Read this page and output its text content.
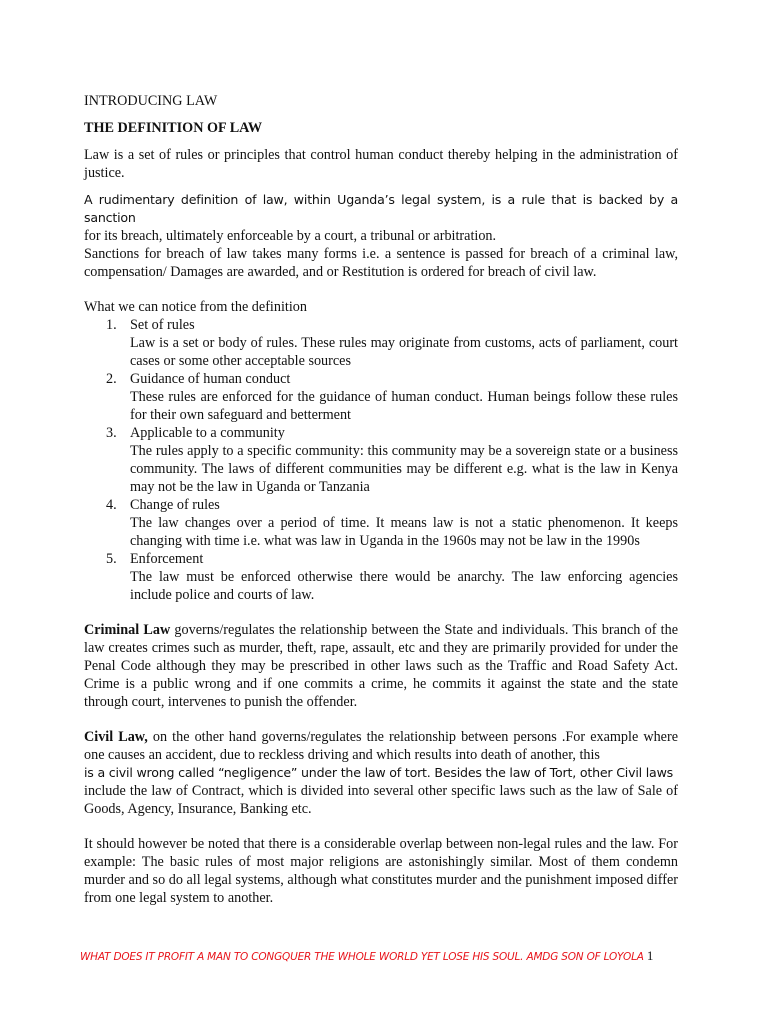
INTRODUCING LAW

THE DEFINITION OF LAW

Law is a set of rules or principles that control human conduct thereby helping in the administration of justice.

A rudimentary definition of law, within Uganda’s legal system, is a rule that is backed by a sanction

for its breach, ultimately enforceable by a court, a tribunal or arbitration.

Sanctions for breach of law takes many forms i.e. a sentence is passed for breach of a criminal law, compensation/ Damages are awarded, and or Restitution is ordered for breach of civil law.

What we can notice from the definition

1. Set of rules
Law is a set or body of rules. These rules may originate from customs, acts of parliament, court cases or some other acceptable sources
2. Guidance of human conduct
These rules are enforced for the guidance of human conduct. Human beings follow these rules for their own safeguard and betterment
3. Applicable to a community
The rules apply to a specific community: this community may be a sovereign state or a business community. The laws of different communities may be different e.g. what is the law in Kenya may not be the law in Uganda or Tanzania
4. Change of rules
The law changes over a period of time. It means law is not a static phenomenon. It keeps changing with time i.e. what was law in Uganda in the 1960s may not be law in the 1990s
5. Enforcement
The law must be enforced otherwise there would be anarchy. The law enforcing agencies include police and courts of law.

Criminal Law governs/regulates the relationship between the State and individuals. This branch of the law creates crimes such as murder, theft, rape, assault, etc and they are primarily provided for under the Penal Code although they may be prescribed in other laws such as the Traffic and Road Safety Act. Crime is a public wrong and if one commits a crime, he commits it against the state and the state through court, intervenes to punish the offender.

Civil Law, on the other hand governs/regulates the relationship between persons .For example where one causes an accident, due to reckless driving and which results into death of another, this

is a civil wrong called “negligence” under the law of tort. Besides the law of Tort, other Civil laws

include the law of Contract, which is divided into several other specific laws such as the law of Sale of Goods, Agency, Insurance, Banking etc.

It should however be noted that there is a considerable overlap between non-legal rules and the law. For example: The basic rules of most major religions are astonishingly similar. Most of them condemn murder and so do all legal systems, although what constitutes murder and the punishment imposed differ from one legal system to another.

WHAT DOES IT PROFIT A MAN TO CONGQUER THE WHOLE WORLD YET LOSE HIS SOUL. AMDG SON OF LOYOLA 1
